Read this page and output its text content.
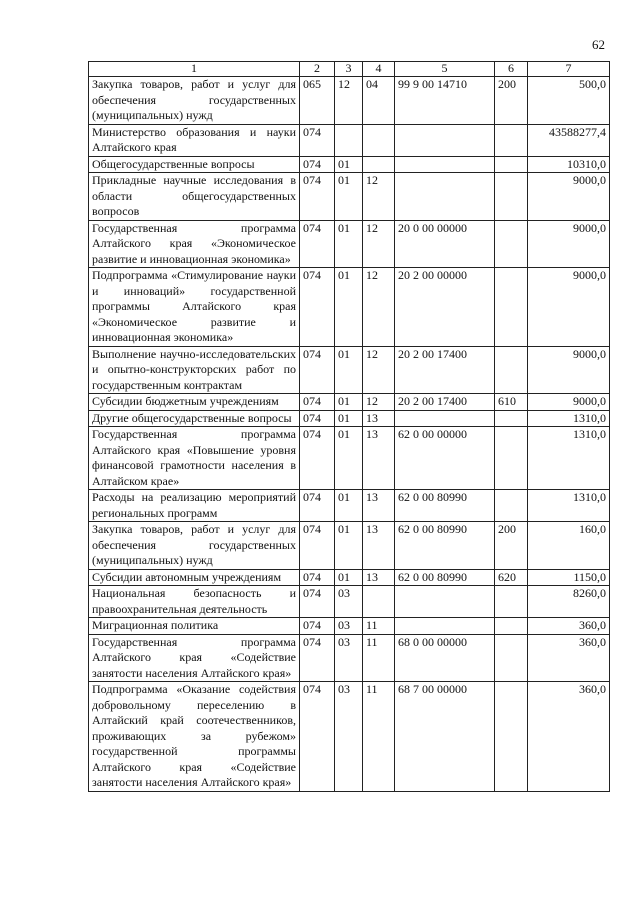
62
1	2	3	4	5	6	7
Закупка товаров, работ и услуг для обеспечения государственных (муниципальных) нужд	065	12	04	99 9 00 14710	200	500,0
Министерство образования и науки Алтайского края	074					43588277,4
Общегосударственные вопросы	074	01				10310,0
Прикладные научные исследования в области общегосударственных вопросов	074	01	12			9000,0
Государственная программа Алтайского края «Экономическое развитие и инновационная экономика»	074	01	12	20 0 00 00000		9000,0
Подпрограмма «Стимулирование науки и инноваций» государственной программы Алтайского края «Экономическое развитие и инновационная экономика»	074	01	12	20 2 00 00000		9000,0
Выполнение научно-исследовательских и опытно-конструкторских работ по государственным контрактам	074	01	12	20 2 00 17400		9000,0
Субсидии бюджетным учреждениям	074	01	12	20 2 00 17400	610	9000,0
Другие общегосударственные вопросы	074	01	13			1310,0
Государственная программа Алтайского края «Повышение уровня финансовой грамотности населения в Алтайском крае»	074	01	13	62 0 00 00000		1310,0
Расходы на реализацию мероприятий региональных программ	074	01	13	62 0 00 80990		1310,0
Закупка товаров, работ и услуг для обеспечения государственных (муниципальных) нужд	074	01	13	62 0 00 80990	200	160,0
Субсидии автономным учреждениям	074	01	13	62 0 00 80990	620	1150,0
Национальная безопасность и правоохранительная деятельность	074	03				8260,0
Миграционная политика	074	03	11			360,0
Государственная программа Алтайского края «Содействие занятости населения Алтайского края»	074	03	11	68 0 00 00000		360,0
Подпрограмма «Оказание содействия добровольному переселению в Алтайский край соотечественников, проживающих за рубежом» государственной программы Алтайского края «Содействие занятости населения Алтайского края»	074	03	11	68 7 00 00000		360,0
